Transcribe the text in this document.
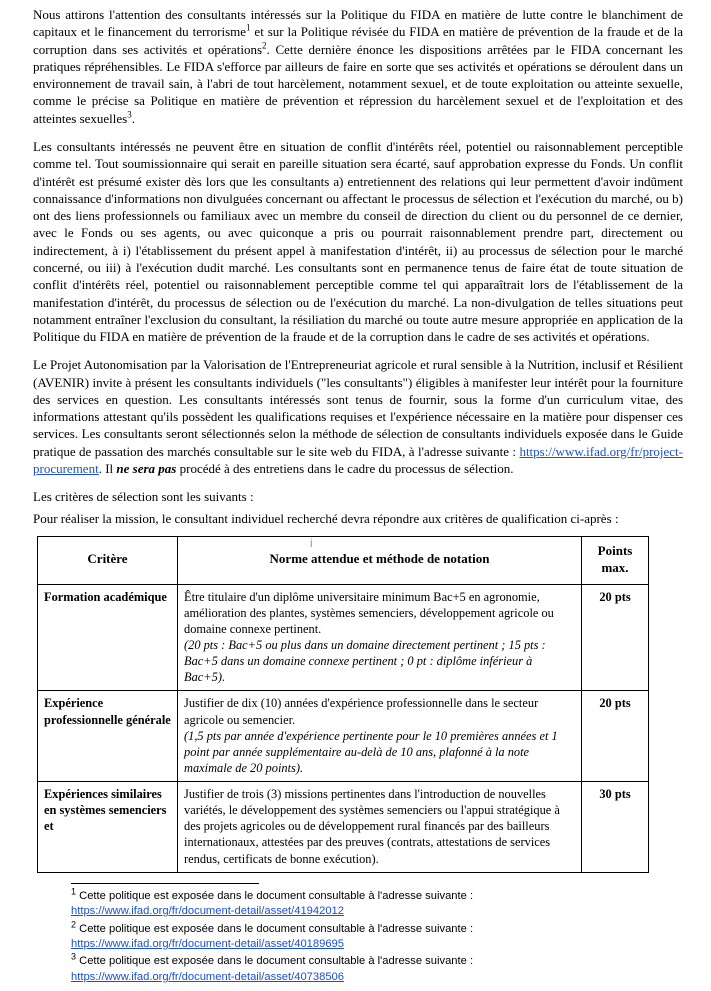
Nous attirons l'attention des consultants intéressés sur la Politique du FIDA en matière de lutte contre le blanchiment de capitaux et le financement du terrorisme$^1$ et sur la Politique révisée du FIDA en matière de prévention de la fraude et de la corruption dans ses activités et opérations$^2$. Cette dernière énonce les dispositions arrêtées par le FIDA concernant les pratiques répréhensibles. Le FIDA s'efforce par ailleurs de faire en sorte que ses activités et opérations se déroulent dans un environnement de travail sain, à l'abri de tout harcèlement, notamment sexuel, et de toute exploitation ou atteinte sexuelle, comme le précise sa Politique en matière de prévention et répression du harcèlement sexuel et de l'exploitation et des atteintes sexuelles$^3$.

Les consultants intéressés ne peuvent être en situation de conflit d'intérêts réel, potentiel ou raisonnablement perceptible comme tel. Tout soumissionnaire qui serait en pareille situation sera écarté, sauf approbation expresse du Fonds. Un conflit d'intérêt est présumé exister dès lors que les consultants a) entretiennent des relations qui leur permettent d'avoir indûment connaissance d'informations non divulguées concernant ou affectant le processus de sélection et l'exécution du marché, ou b) ont des liens professionnels ou familiaux avec un membre du conseil de direction du client ou du personnel de ce dernier, avec le Fonds ou ses agents, ou avec quiconque a pris ou pourrait raisonnablement prendre part, directement ou indirectement, à i) l'établissement du présent appel à manifestation d'intérêt, ii) au processus de sélection pour le marché concerné, ou iii) à l'exécution dudit marché. Les consultants sont en permanence tenus de faire état de toute situation de conflit d'intérêts réel, potentiel ou raisonnablement perceptible comme tel qui apparaîtrait lors de l'établissement de la manifestation d'intérêt, du processus de sélection ou de l'exécution du marché. La non-divulgation de telles situations peut notamment entraîner l'exclusion du consultant, la résiliation du marché ou toute autre mesure appropriée en application de la Politique du FIDA en matière de prévention de la fraude et de la corruption dans le cadre de ses activités et opérations.

Le Projet Autonomisation par la Valorisation de l'Entrepreneuriat agricole et rural sensible à la Nutrition, inclusif et Résilient (AVENIR) invite à présent les consultants individuels ("les consultants") éligibles à manifester leur intérêt pour la fourniture des services en question. Les consultants intéressés sont tenus de fournir, sous la forme d'un curriculum vitae, des informations attestant qu'ils possèdent les qualifications requises et l'expérience nécessaire en la matière pour dispenser ces services. Les consultants seront sélectionnés selon la méthode de sélection de consultants individuels exposée dans le Guide pratique de passation des marchés consultable sur le site web du FIDA, à l'adresse suivante : https://www.ifad.org/fr/project-procurement. Il ne sera pas procédé à des entretiens dans le cadre du processus de sélection.

Les critères de sélection sont les suivants :

Pour réaliser la mission, le consultant individuel recherché devra répondre aux critères de qualification ci-après :

i
Critère	Norme attendue et méthode de notation	Points
max.
Formation académique	Être titulaire d'un diplôme universitaire minimum Bac+5 en agronomie, amélioration des plantes, systèmes semenciers, développement agricole ou domaine connexe pertinent.
(20 pts : Bac+5 ou plus dans un domaine directement pertinent ; 15 pts : Bac+5 dans un domaine connexe pertinent ; 0 pt : diplôme inférieur à Bac+5).	20 pts
Expérience professionnelle générale	Justifier de dix (10) années d'expérience professionnelle dans le secteur agricole ou semencier.
(1,5 pts par année d'expérience pertinente pour le 10 premières années et 1 point par année supplémentaire au-delà de 10 ans, plafonné à la note maximale de 20 points).	20 pts
Expériences similaires en systèmes semenciers et	Justifier de trois (3) missions pertinentes dans l'introduction de nouvelles variétés, le développement des systèmes semenciers ou l'appui stratégique à des projets agricoles ou de développement rural financés par des bailleurs internationaux, attestées par des preuves (contrats, attestations de services rendus, certificats de bonne exécution).	30 pts
$^1$ Cette politique est exposée dans le document consultable à l'adresse suivante :
https://www.ifad.org/fr/document-detail/asset/41942012
$^2$ Cette politique est exposée dans le document consultable à l'adresse suivante :
https://www.ifad.org/fr/document-detail/asset/40189695
$^3$ Cette politique est exposée dans le document consultable à l'adresse suivante :
https://www.ifad.org/fr/document-detail/asset/40738506
